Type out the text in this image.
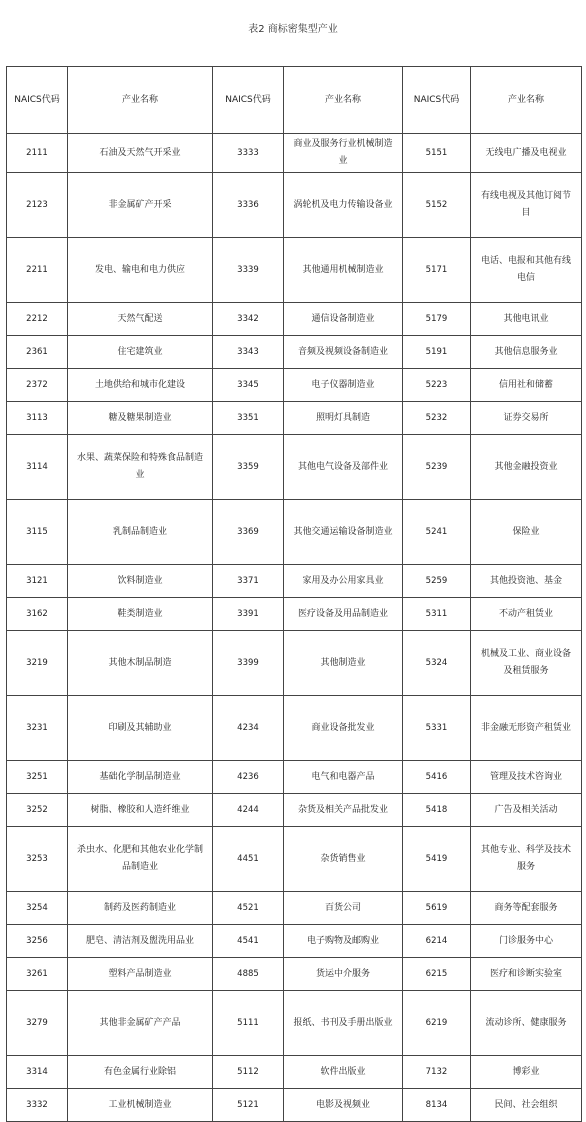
表2 商标密集型产业
NAICS代码	产业名称	NAICS代码	产业名称	NAICS代码	产业名称
2111	石油及天然气开采业	3333	商业及服务行业机械制造业	5151	无线电广播及电视业
2123	非金属矿产开采	3336	涡轮机及电力传输设备业	5152	有线电视及其他订阅节目
2211	发电、输电和电力供应	3339	其他通用机械制造业	5171	电话、电报和其他有线电信
2212	天然气配送	3342	通信设备制造业	5179	其他电讯业
2361	住宅建筑业	3343	音频及视频设备制造业	5191	其他信息服务业
2372	土地供给和城市化建设	3345	电子仪器制造业	5223	信用社和储蓄
3113	糖及糖果制造业	3351	照明灯具制造	5232	证券交易所
3114	水果、蔬菜保险和特殊食品制造业	3359	其他电气设备及部件业	5239	其他金融投资业
3115	乳制品制造业	3369	其他交通运输设备制造业	5241	保险业
3121	饮料制造业	3371	家用及办公用家具业	5259	其他投资池、基金
3162	鞋类制造业	3391	医疗设备及用品制造业	5311	不动产租赁业
3219	其他木制品制造	3399	其他制造业	5324	机械及工业、商业设备及租赁服务
3231	印刷及其辅助业	4234	商业设备批发业	5331	非金融无形资产租赁业
3251	基础化学制品制造业	4236	电气和电器产品	5416	管理及技术咨询业
3252	树脂、橡胶和人造纤维业	4244	杂货及相关产品批发业	5418	广告及相关活动
3253	杀虫水、化肥和其他农业化学制品制造业	4451	杂货销售业	5419	其他专业、科学及技术服务
3254	制药及医药制造业	4521	百货公司	5619	商务等配套服务
3256	肥皂、清洁剂及盥洗用品业	4541	电子购物及邮购业	6214	门诊服务中心
3261	塑料产品制造业	4885	货运中介服务	6215	医疗和诊断实验室
3279	其他非金属矿产产品	5111	报纸、书刊及手册出版业	6219	流动诊所、健康服务
3314	有色金属行业除铝	5112	软件出版业	7132	博彩业
3332	工业机械制造业	5121	电影及视频业	8134	民间、社会组织
